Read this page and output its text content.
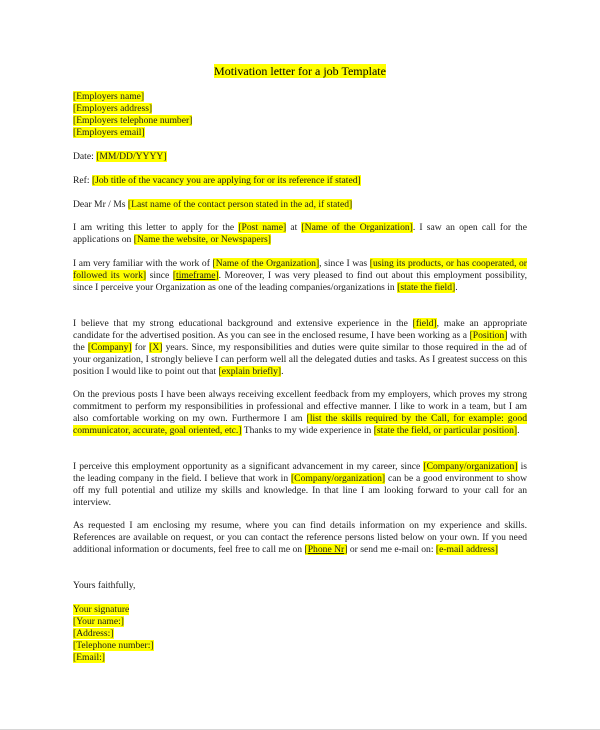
Motivation letter for a job Template
[Employers name]
[Employers address]
[Employers telephone number]
[Employers email]
Date: [MM/DD/YYYY]
Ref: [Job title of the vacancy you are applying for or its reference if stated]
Dear Mr / Ms [Last name of the contact person stated in the ad, if stated]

I am writing this letter to apply for the [Post name] at [Name of the Organization]. I saw an open call for the applications on [Name the website, or Newspapers]

I am very familiar with the work of [Name of the Organization], since I was [using its products, or has cooperated, or followed its work] since [timeframe]. Moreover, I was very pleased to find out about this employment possibility, since I perceive your Organization as one of the leading companies/organizations in [state the field].

I believe that my strong educational background and extensive experience in the [field], make an appropriate candidate for the advertised position. As you can see in the enclosed resume, I have been working as a [Position] with the [Company] for [X] years. Since, my responsibilities and duties were quite similar to those required in the ad of your organization, I strongly believe I can perform well all the delegated duties and tasks. As I greatest success on this position I would like to point out that [explain briefly].

On the previous posts I have been always receiving excellent feedback from my employers, which proves my strong commitment to perform my responsibilities in professional and effective manner. I like to work in a team, but I am also comfortable working on my own. Furthermore I am [list the skills required by the Call, for example: good communicator, accurate, goal oriented, etc.] Thanks to my wide experience in [state the field, or particular position].

I perceive this employment opportunity as a significant advancement in my career, since [Company/organization] is the leading company in the field. I believe that work in [Company/organization] can be a good environment to show off my full potential and utilize my skills and knowledge. In that line I am looking forward to your call for an interview.

As requested I am enclosing my resume, where you can find details information on my experience and skills. References are available on request, or you can contact the reference persons listed below on your own. If you need additional information or documents, feel free to call me on [Phone Nr] or send me e-mail on: [e-mail address]

Yours faithfully,
Your signature
[Your name:]
[Address:]
[Telephone number:]
[Email:]
